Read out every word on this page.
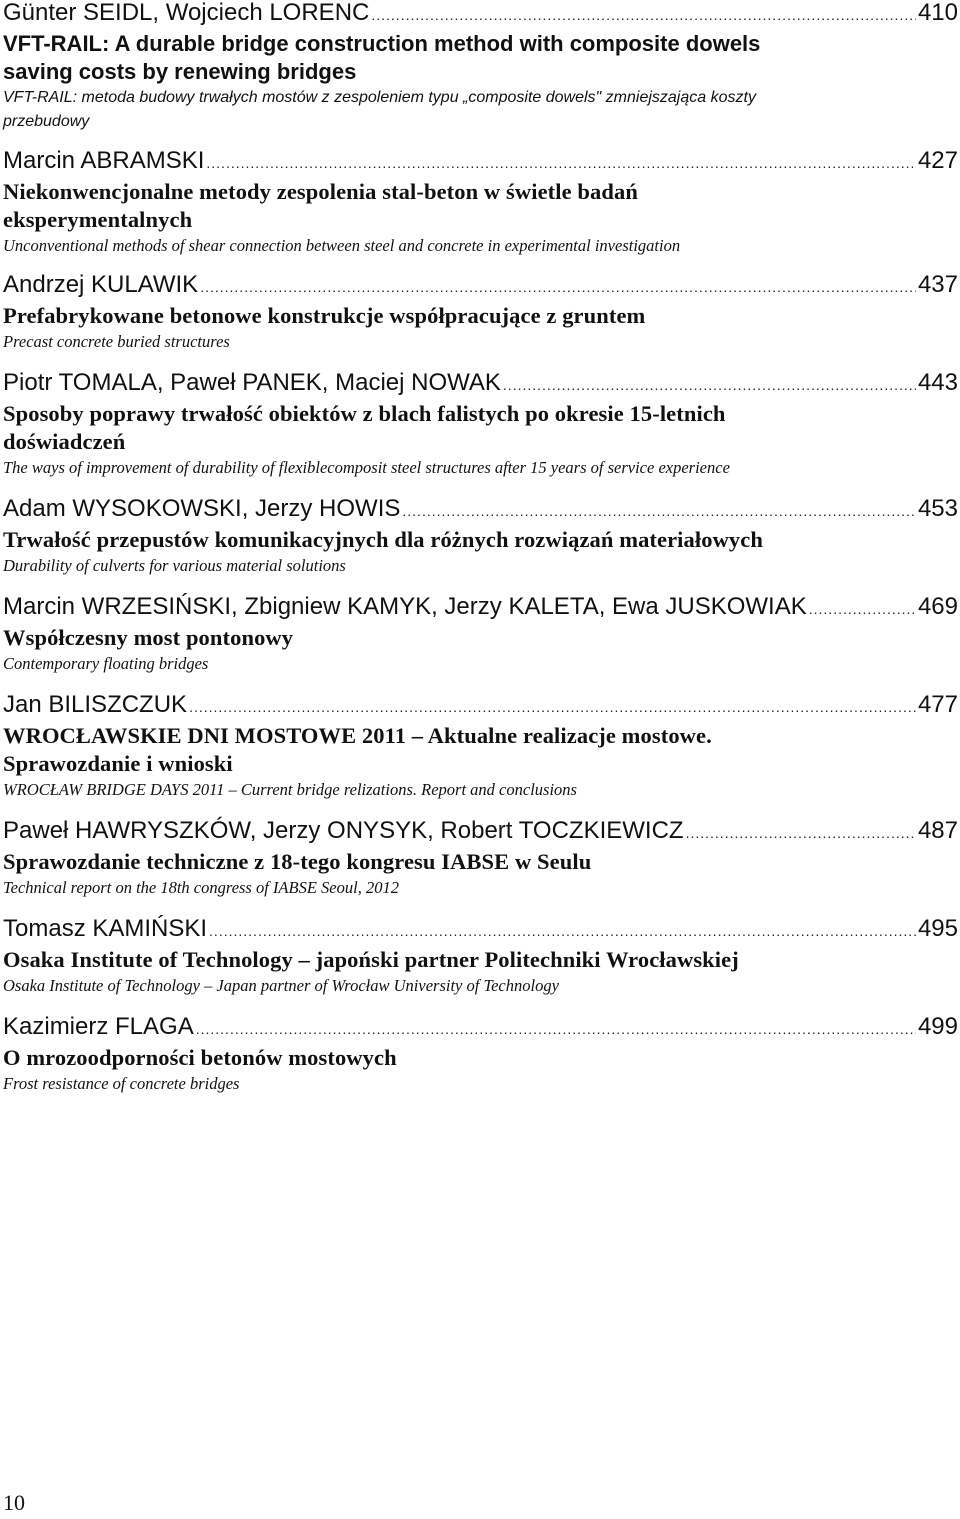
Günter SEIDL, Wojciech LORENC .....	410
VFT-RAIL: A durable bridge construction method with composite dowels saving costs by renewing bridges
VFT-RAIL: metoda budowy trwałych mostów z zespoleniem typu „composite dowels" zmniejszająca koszty przebudowy
Marcin ABRAMSKI .....	427
Niekonwencjonalne metody zespolenia stal-beton w świetle badań eksperymentalnych
Unconventional methods of shear connection between steel and concrete in experimental investigation
Andrzej KULAWIK .....	437
Prefabrykowane betonowe konstrukcje współpracujące z gruntem
Precast concrete buried structures
Piotr TOMALA, Paweł PANEK, Maciej NOWAK .....	443
Sposoby poprawy trwałość obiektów z blach falistych po okresie 15-letnich doświadczeń
The ways of improvement of durability of flexiblecomposit steel structures after 15 years of service experience
Adam WYSOKOWSKI, Jerzy HOWIS .....	453
Trwałość przepustów komunikacyjnych dla różnych rozwiązań materiałowych
Durability of culverts for various material solutions
Marcin WRZESIŃSKI, Zbigniew KAMYK, Jerzy KALETA, Ewa JUSKOWIAK .....	469
Współczesny most pontonowy
Contemporary floating bridges
Jan BILISZCZUK .....	477
WROCŁAWSKIE DNI MOSTOWE 2011 – Aktualne realizacje mostowe. Sprawozdanie i wnioski
WROCŁAW BRIDGE DAYS 2011 – Current bridge relizations. Report and conclusions
Paweł HAWRYSZKÓW, Jerzy ONYSYK, Robert TOCZKIEWICZ .....	487
Sprawozdanie techniczne z 18-tego kongresu IABSE w Seulu
Technical report on the 18th congress of IABSE Seoul, 2012
Tomasz KAMIŃSKI .....	495
Osaka Institute of Technology – japoński partner Politechniki Wrocławskiej
Osaka Institute of Technology – Japan partner of Wrocław University of Technology
Kazimierz FLAGA .....	499
O mrozoodporności betonów mostowych
Frost resistance of concrete bridges
10
